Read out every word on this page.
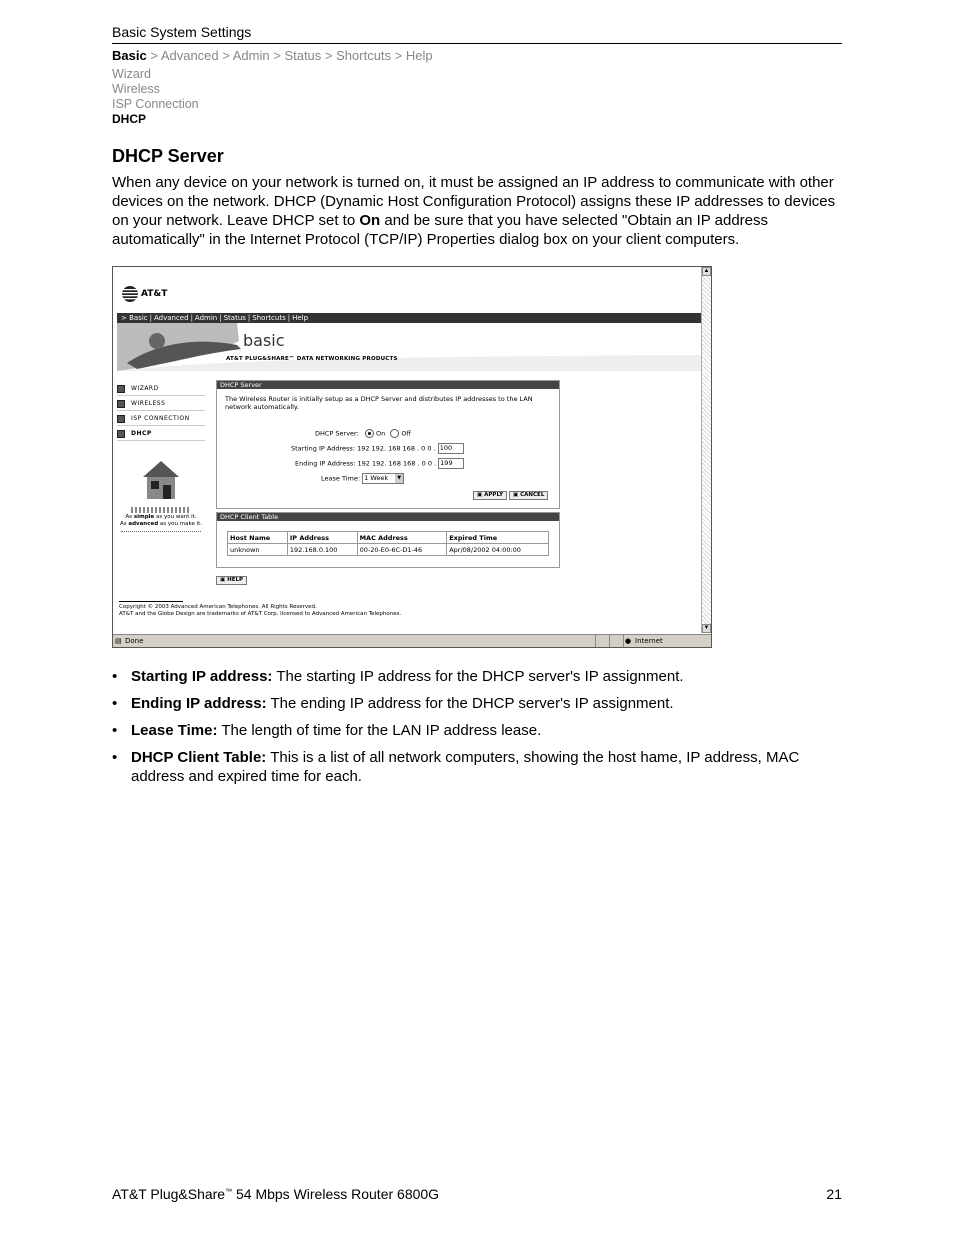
Basic System Settings
Basic > Advanced > Admin > Status > Shortcuts > Help
Wizard
Wireless
ISP Connection
DHCP
DHCP Server
When any device on your network is turned on, it must be assigned an IP address to communicate with other devices on the network. DHCP (Dynamic Host Configuration Protocol) assigns these IP addresses to devices on your network. Leave DHCP set to On and be sure that you have selected "Obtain an IP address automatically" in the Internet Protocol (TCP/IP) Properties dialog box on your client computers.
▲
▼
AT&T
> Basic | Advanced | Admin | Status | Shortcuts | Help
basic
AT&T PLUG&SHARE™ DATA NETWORKING PRODUCTS
WIZARD
WIRELESS
ISP CONNECTION
DHCP
As simple as you want it.
As advanced as you make it.
DHCP Server
The Wireless Router is initially setup as a DHCP Server and distributes IP addresses to the LAN network automatically.
DHCP Server:	On Off
Starting IP Address: 192 192. 168 168 . 0 0 . 100
Ending IP Address: 192 192. 168 168 . 0 0 . 199
Lease Time: 1 Week	▼
▣ APPLY	▣ CANCEL
DHCP Client Table
Host Name	IP Address	MAC Address	Expired Time
unknown	192.168.0.100	00-20-E0-6C-D1-46	Apr/08/2002 04:00:00
▣ HELP
Copyright © 2003 Advanced American Telephones. All Rights Reserved.
AT&T and the Globe Design are trademarks of AT&T Corp. licensed to Advanced American Telephones.
▤ Done	● Internet
• Starting IP address: The starting IP address for the DHCP server's IP assignment.
• Ending IP address: The ending IP address for the DHCP server's IP assignment.
• Lease Time: The length of time for the LAN IP address lease.
• DHCP Client Table: This is a list of all network computers, showing the host hame, IP address, MAC address and expired time for each.
AT&T Plug&Share™ 54 Mbps Wireless Router 6800G	21
